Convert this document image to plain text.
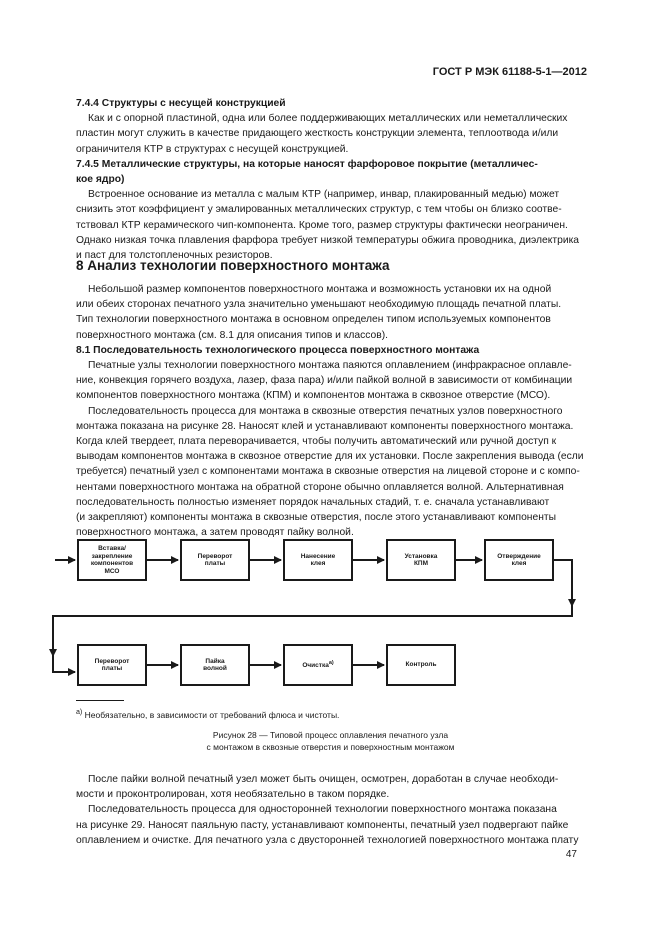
ГОСТ Р МЭК 61188-5-1—2012

7.4.4 Структуры с несущей конструкцией

Как и с опорной пластиной, одна или более поддерживающих металлических или неметаллических

пластин могут служить в качестве придающего жесткость конструкции элемента, теплоотвода и/или

ограничителя КТР в структурах с несущей конструкцией.

7.4.5 Металлические структуры, на которые наносят фарфоровое покрытие (металличес-

кое ядро)

Встроенное основание из металла с малым КТР (например, инвар, плакированный медью) может

снизить этот коэффициент у эмалированных металлических структур, с тем чтобы он близко соотве-

тствовал КТР керамического чип-компонента. Кроме того, размер структуры фактически неограничен.

Однако низкая точка плавления фарфора требует низкой температуры обжига проводника, диэлектрика

и паст для толстопленочных резисторов.

8 Анализ технологии поверхностного монтажа

Небольшой размер компонентов поверхностного монтажа и возможность установки их на одной

или обеих сторонах печатного узла значительно уменьшают необходимую площадь печатной платы.

Тип технологии поверхностного монтажа в основном определен типом используемых компонентов

поверхностного монтажа (см. 8.1 для описания типов и классов).

8.1 Последовательность технологического процесса поверхностного монтажа

Печатные узлы технологии поверхностного монтажа паяются оплавлением (инфракрасное оплавле-

ние, конвекция горячего воздуха, лазер, фаза пара) и/или пайкой волной в зависимости от комбинации

компонентов поверхностного монтажа (КПМ) и компонентов монтажа в сквозное отверстие (МСО).

Последовательность процесса для монтажа в сквозные отверстия печатных узлов поверхностного

монтажа показана на рисунке 28. Наносят клей и устанавливают компоненты поверхностного монтажа.

Когда клей твердеет, плата переворачивается, чтобы получить автоматический или ручной доступ к

выводам компонентов монтажа в сквозное отверстие для их установки. После закрепления вывода (если

требуется) печатный узел с компонентами монтажа в сквозные отверстия на лицевой стороне и с компо-

нентами поверхностного монтажа на обратной стороне обычно оплавляется волной. Альтернативная

последовательность полностью изменяет порядок начальных стадий, т. е. сначала устанавливают

(и закрепляют) компоненты монтажа в сквозные отверстия, после этого устанавливают компоненты

поверхностного монтажа, а затем проводят пайку волной.

Вставка/
закрепление
компонентов
МСО
Переворот
платы
Нанесение
клея
Установка
КПМ
Отверждение
клея
Переворот
платы
Пайка
волной	Очистка$^{а)}$	Контроль
$^{а)}$ Необязательно, в зависимости от требований флюса и чистоты.
Рисунок 28 — Типовой процесс оплавления печатного узла
с монтажом в сквозные отверстия и поверхностным монтажом

После пайки волной печатный узел может быть очищен, осмотрен, доработан в случае необходи-

мости и проконтролирован, хотя необязательно в таком порядке.

Последовательность процесса для односторонней технологии поверхностного монтажа показана

на рисунке 29. Наносят паяльную пасту, устанавливают компоненты, печатный узел подвергают пайке

оплавлением и очистке. Для печатного узла с двусторонней технологией поверхностного монтажа плату

47
